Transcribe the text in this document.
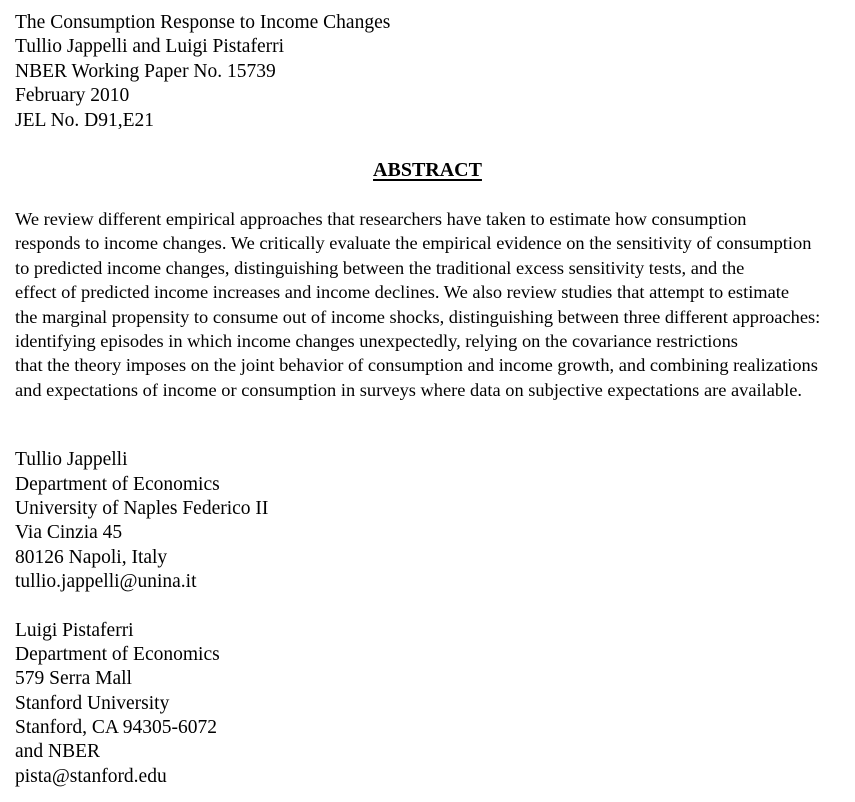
The Consumption Response to Income Changes

Tullio Jappelli and Luigi Pistaferri

NBER Working Paper No. 15739

February 2010

JEL No. D91,E21

ABSTRACT

We review different empirical approaches that researchers have taken to estimate how consumption
responds to income changes. We critically evaluate the empirical evidence on the sensitivity of consumption
to predicted income changes, distinguishing between the traditional excess sensitivity tests, and the
effect of predicted income increases and income declines. We also review studies that attempt to estimate
the marginal propensity to consume out of income shocks, distinguishing between three different approaches:
identifying episodes in which income changes unexpectedly, relying on the covariance restrictions
that the theory imposes on the joint behavior of consumption and income growth, and combining realizations
and expectations of income or consumption in surveys where data on subjective expectations are available.

Tullio Jappelli

Department of Economics

University of Naples Federico II

Via Cinzia 45

80126 Napoli, Italy

tullio.jappelli@unina.it

Luigi Pistaferri

Department of Economics

579 Serra Mall

Stanford University

Stanford, CA 94305-6072

and NBER

pista@stanford.edu
